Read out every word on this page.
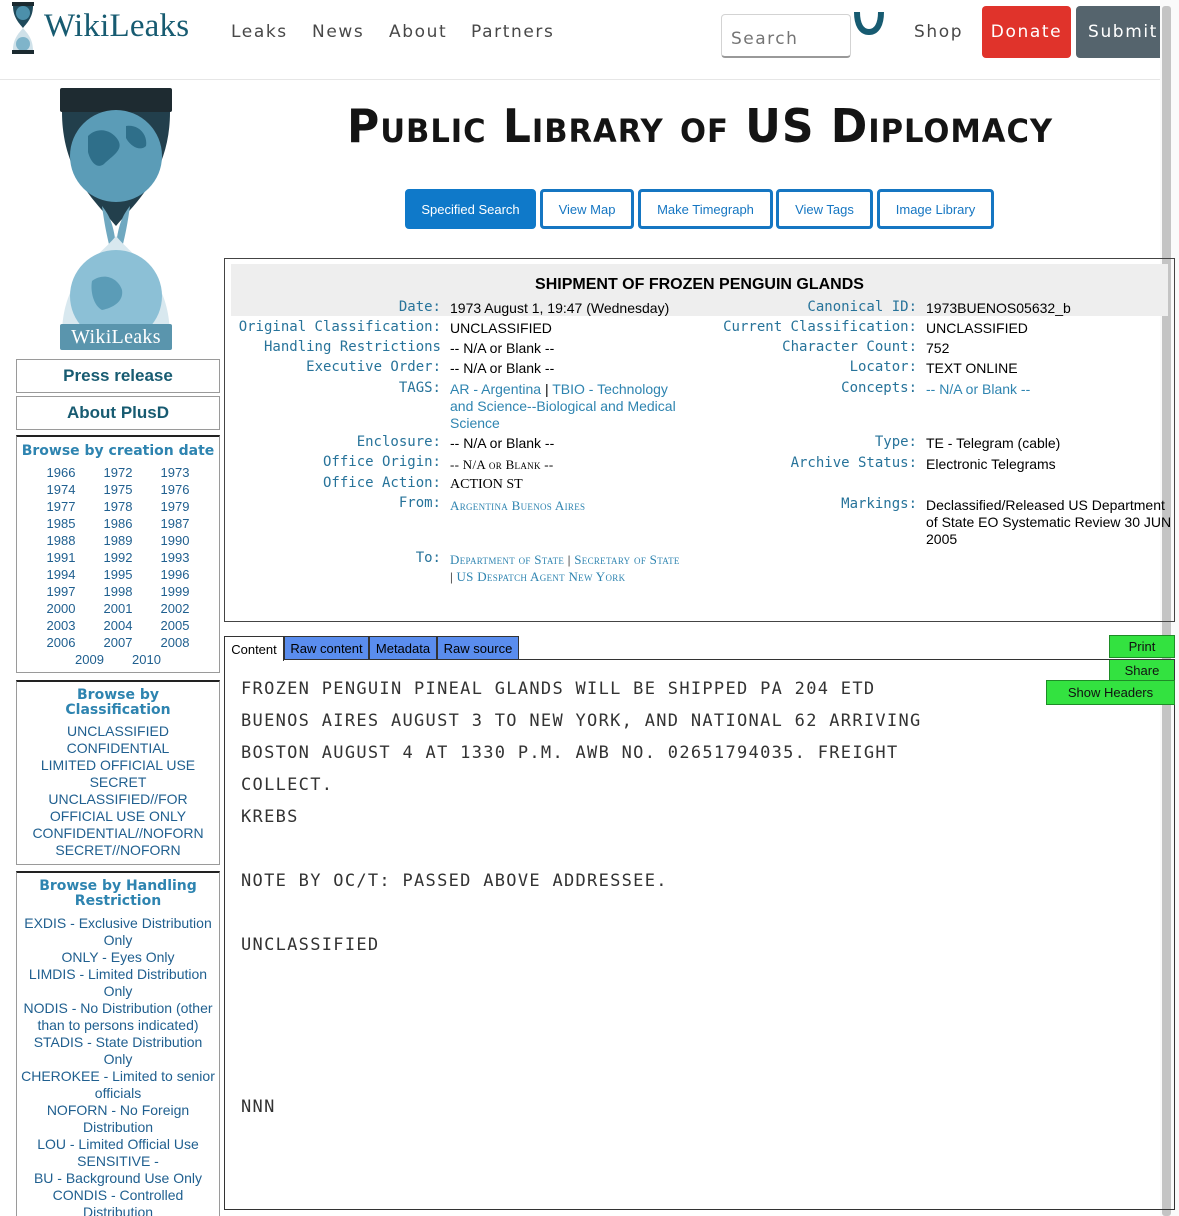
WikiLeaks Leaks News About Partners
Search	Shop	Donate	Submit
WikiLeaks
Press release
About PlusD
Browse by creation date
1966	1972	1973
1974	1975	1976
1977	1978	1979
1985	1986	1987
1988	1989	1990
1991	1992	1993
1994	1995	1996
1997	1998	1999
2000	2001	2002
2003	2004	2005
2006	2007	2008
2009	2010
Browse by Classification
UNCLASSIFIED
CONFIDENTIAL
LIMITED OFFICIAL USE
SECRET
UNCLASSIFIED//FOR OFFICIAL USE ONLY
CONFIDENTIAL//NOFORN
SECRET//NOFORN
Browse by Handling Restriction
EXDIS - Exclusive Distribution Only
ONLY - Eyes Only
LIMDIS - Limited Distribution Only
NODIS - No Distribution (other than to persons indicated)
STADIS - State Distribution Only
CHEROKEE - Limited to senior officials
NOFORN - No Foreign Distribution
LOU - Limited Official Use
SENSITIVE -
BU - Background Use Only
CONDIS - Controlled Distribution
Public Library of US Diplomacy
Specified Search	View Map	Make Timegraph	View Tags	Image Library
SHIPMENT OF FROZEN PENGUIN GLANDS
Date: 1973 August 1, 19:47 (Wednesday)
Original Classification: UNCLASSIFIED
Handling Restrictions -- N/A or Blank --
Executive Order: -- N/A or Blank --
TAGS: AR - Argentina | TBIO - Technology and Science--Biological and Medical Science
Enclosure: -- N/A or Blank --
Office Origin: -- N/A or Blank --
Office Action: ACTION ST
From: Argentina Buenos Aires
To: Department of State | Secretary of State
| US Despatch Agent New York
Canonical ID: 1973BUENOS05632_b
Current Classification: UNCLASSIFIED
Character Count: 752
Locator: TEXT ONLINE
Concepts: -- N/A or Blank --
Type: TE - Telegram (cable)
Archive Status: Electronic Telegrams
Markings: Declassified/Released US Department of State EO Systematic Review 30 JUN 2005
Content	Raw content	Metadata	Raw source	Print
Share
Show Headers
FROZEN PENGUIN PINEAL GLANDS WILL BE SHIPPED PA 204 ETD
BUENOS AIRES AUGUST 3 TO NEW YORK, AND NATIONAL 62 ARRIVING
BOSTON AUGUST 4 AT 1330 P.M. AWB NO. 02651794035. FREIGHT
COLLECT.
KREBS
NOTE BY OC/T: PASSED ABOVE ADDRESSEE.
UNCLASSIFIED
NNN
